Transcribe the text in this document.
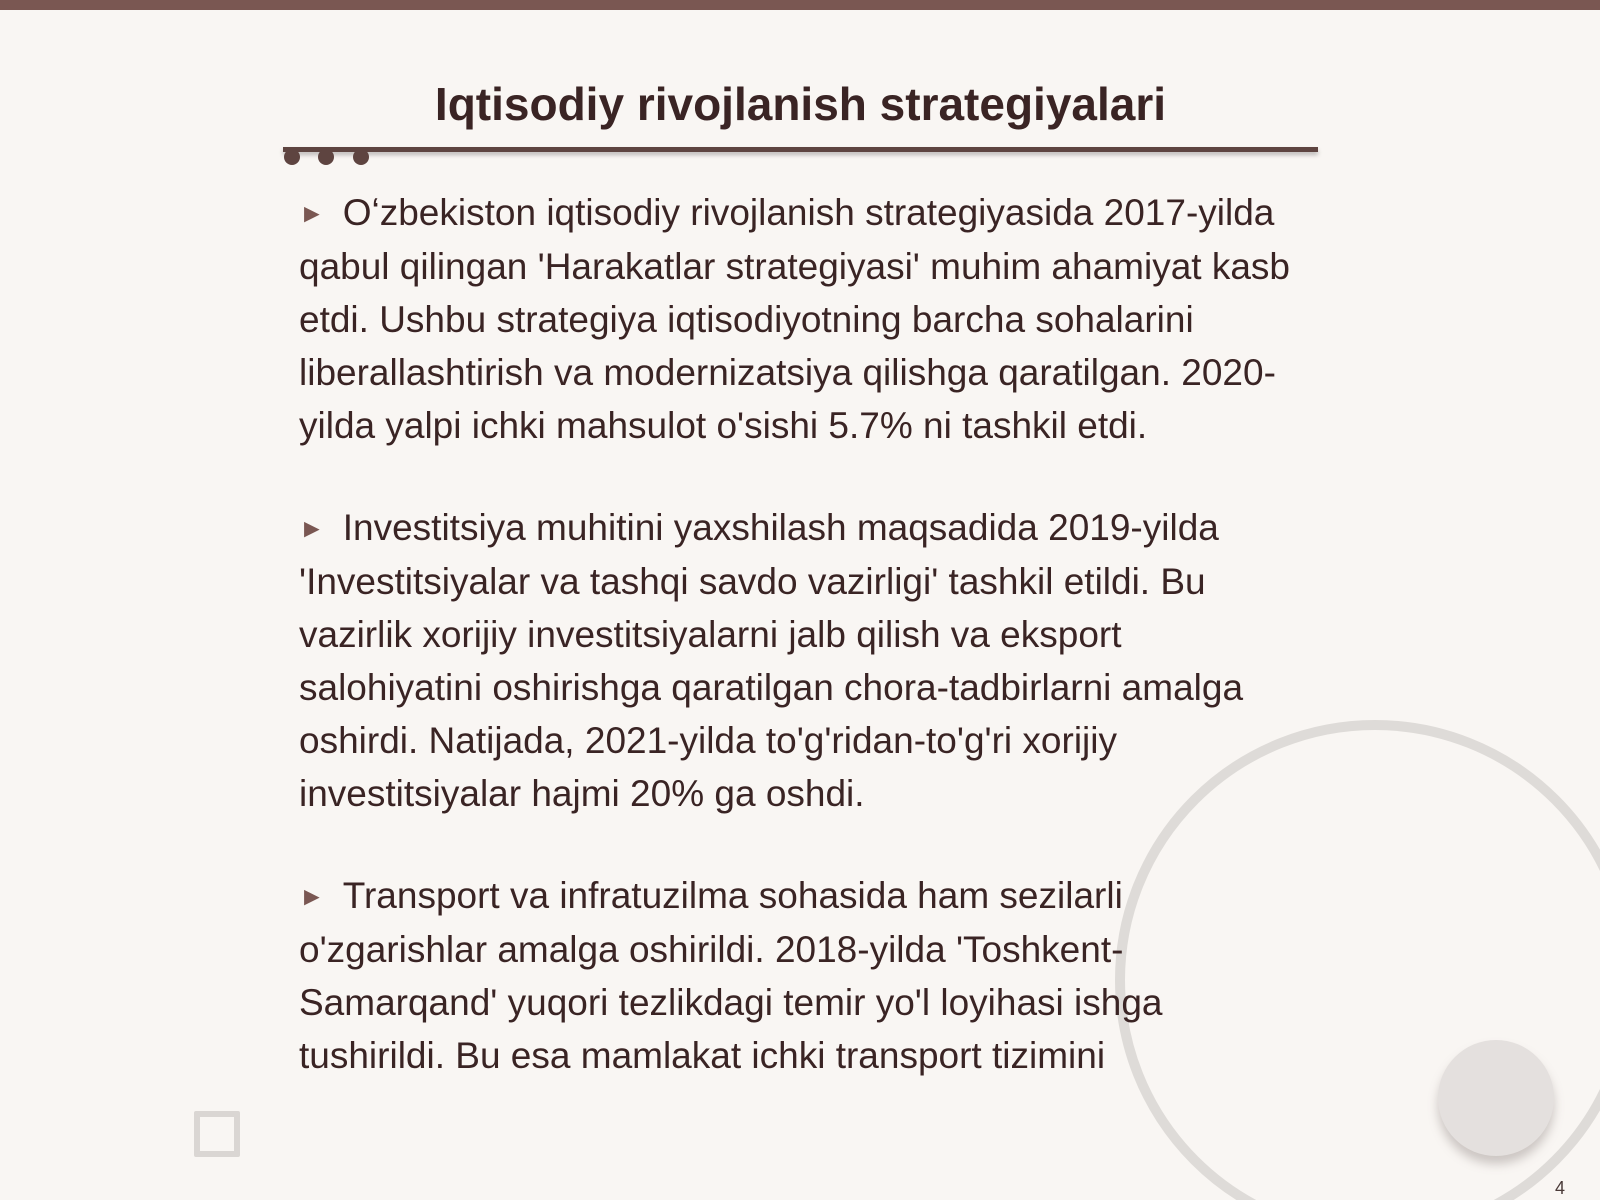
Iqtisodiy rivojlanish strategiyalari

► Oʻzbekiston iqtisodiy rivojlanish strategiyasida 2017-yilda qabul qilingan 'Harakatlar strategiyasi' muhim ahamiyat kasb etdi. Ushbu strategiya iqtisodiyotning barcha sohalarini liberallashtirish va modernizatsiya qilishga qaratilgan. 2020-yilda yalpi ichki mahsulot o'sishi 5.7% ni tashkil etdi.

► Investitsiya muhitini yaxshilash maqsadida 2019-yilda 'Investitsiyalar va tashqi savdo vazirligi' tashkil etildi. Bu vazirlik xorijiy investitsiyalarni jalb qilish va eksport salohiyatini oshirishga qaratilgan chora-tadbirlarni amalga oshirdi. Natijada, 2021-yilda to'g'ridan-to'g'ri xorijiy investitsiyalar hajmi 20% ga oshdi.

► Transport va infratuzilma sohasida ham sezilarli o'zgarishlar amalga oshirildi. 2018-yilda 'Toshkent-Samarqand' yuqori tezlikdagi temir yo'l loyihasi ishga tushirildi. Bu esa mamlakat ichki transport tizimini

4
